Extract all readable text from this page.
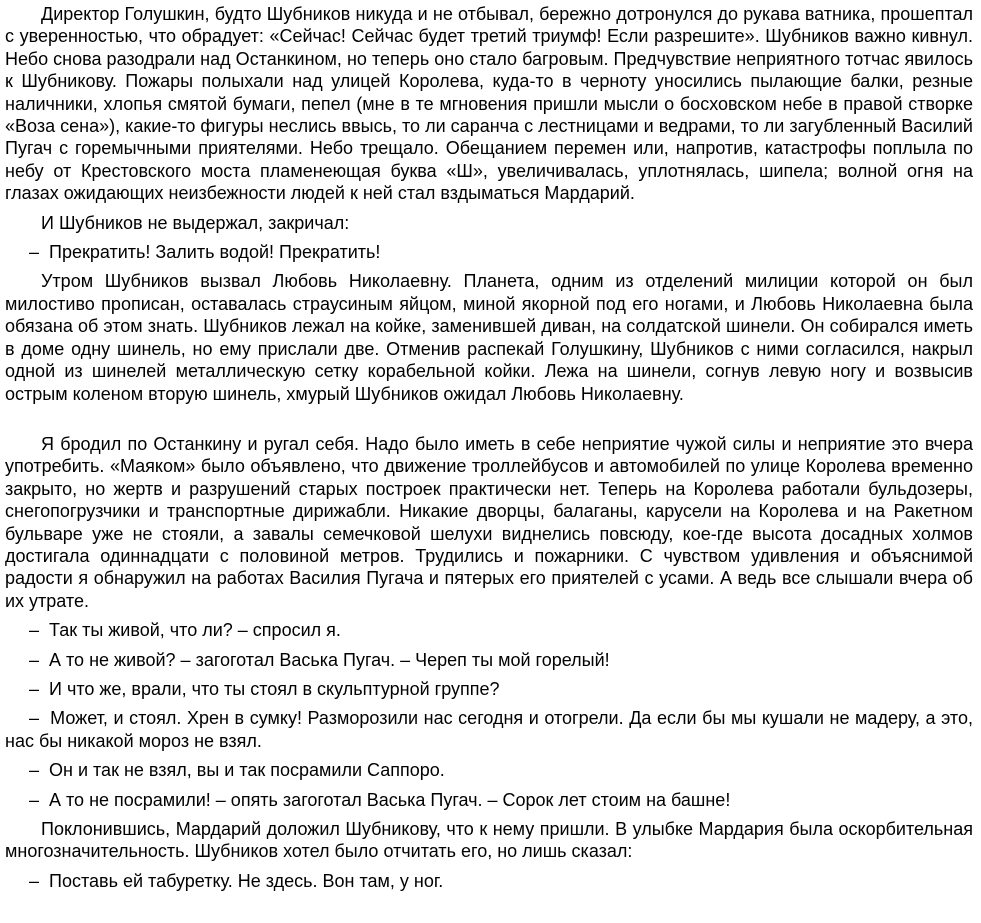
Директор Голушкин, будто Шубников никуда и не отбывал, бережно дотронулся до рукава ватника, прошептал с уверенностью, что обрадует: «Сейчас! Сейчас будет третий триумф! Если разрешите». Шубников важно кивнул. Небо снова разодрали над Останкином, но теперь оно стало багровым. Предчувствие неприятного тотчас явилось к Шубникову. Пожары полыхали над улицей Королева, куда-то в черноту уносились пылающие балки, резные наличники, хлопья смятой бумаги, пепел (мне в те мгновения пришли мысли о босховском небе в правой створке «Воза сена»), какие-то фигуры неслись ввысь, то ли саранча с лестницами и ведрами, то ли загубленный Василий Пугач с горемычными приятелями. Небо трещало. Обещанием перемен или, напротив, катастрофы поплыла по небу от Крестовского моста пламенеющая буква «Ш», увеличивалась, уплотнялась, шипела; волной огня на глазах ожидающих неизбежности людей к ней стал вздыматься Мардарий.

И Шубников не выдержал, закричал:

–  Прекратить! Залить водой! Прекратить!

Утром Шубников вызвал Любовь Николаевну. Планета, одним из отделений милиции которой он был милостиво прописан, оставалась страусиным яйцом, миной якорной под его ногами, и Любовь Николаевна была обязана об этом знать. Шубников лежал на койке, заменившей диван, на солдатской шинели. Он собирался иметь в доме одну шинель, но ему прислали две. Отменив распекай Голушкину, Шубников с ними согласился, накрыл одной из шинелей металлическую сетку корабельной койки. Лежа на шинели, согнув левую ногу и возвысив острым коленом вторую шинель, хмурый Шубников ожидал Любовь Николаевну.

Я бродил по Останкину и ругал себя. Надо было иметь в себе неприятие чужой силы и неприятие это вчера употребить. «Маяком» было объявлено, что движение троллейбусов и автомобилей по улице Королева временно закрыто, но жертв и разрушений старых построек практически нет. Теперь на Королева работали бульдозеры, снегопогрузчики и транспортные дирижабли. Никакие дворцы, балаганы, карусели на Королева и на Ракетном бульваре уже не стояли, а завалы семечковой шелухи виднелись повсюду, кое-где высота досадных холмов достигала одиннадцати с половиной метров. Трудились и пожарники. С чувством удивления и объяснимой радости я обнаружил на работах Василия Пугача и пятерых его приятелей с усами. А ведь все слышали вчера об их утрате.

–  Так ты живой, что ли? – спросил я.

–  А то не живой? – загоготал Васька Пугач. – Череп ты мой горелый!

–  И что же, врали, что ты стоял в скульптурной группе?

–  Может, и стоял. Хрен в сумку! Разморозили нас сегодня и отогрели. Да если бы мы кушали не мадеру, а это, нас бы никакой мороз не взял.

–  Он и так не взял, вы и так посрамили Саппоро.

–  А то не посрамили! – опять загоготал Васька Пугач. – Сорок лет стоим на башне!

Поклонившись, Мардарий доложил Шубникову, что к нему пришли. В улыбке Мардария была оскорбительная многозначительность. Шубников хотел было отчитать его, но лишь сказал:

–  Поставь ей табуретку. Не здесь. Вон там, у ног.
